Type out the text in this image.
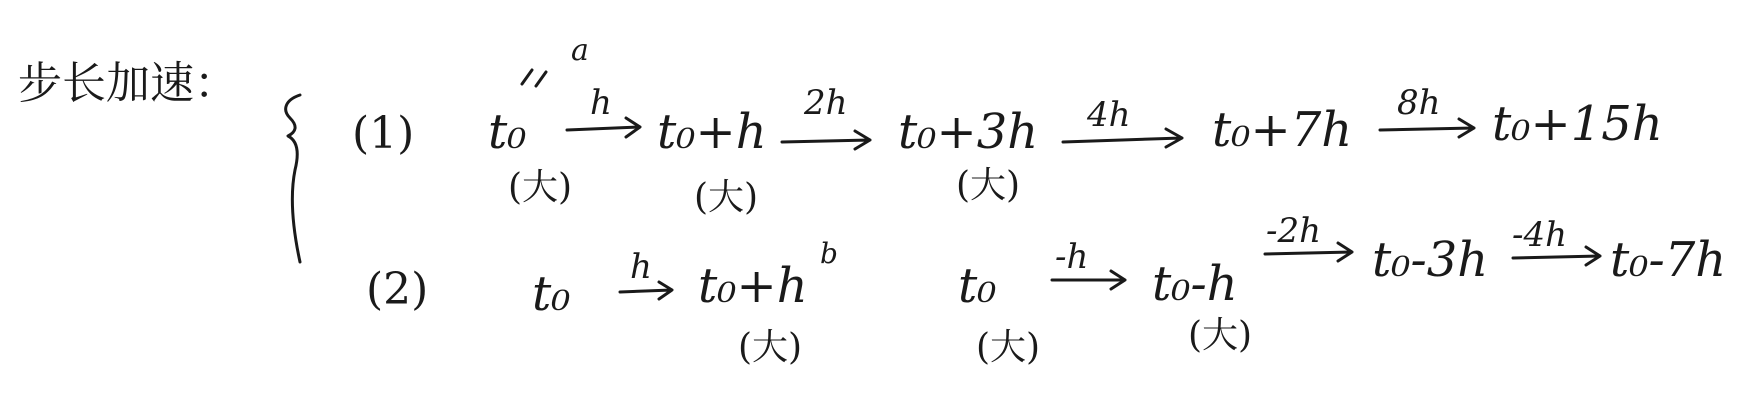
步长加速：
(1)
a
t₀
h
t₀+h
2h
t₀+3h 4h t₀+7h 8h t₀+15h
(大)	(大)	(大)
(2)
b
t₀ h t₀+h	t₀
-h t₀-h
-2h
t₀-3h -4h t₀-7h
(大)	(大)	(大)
